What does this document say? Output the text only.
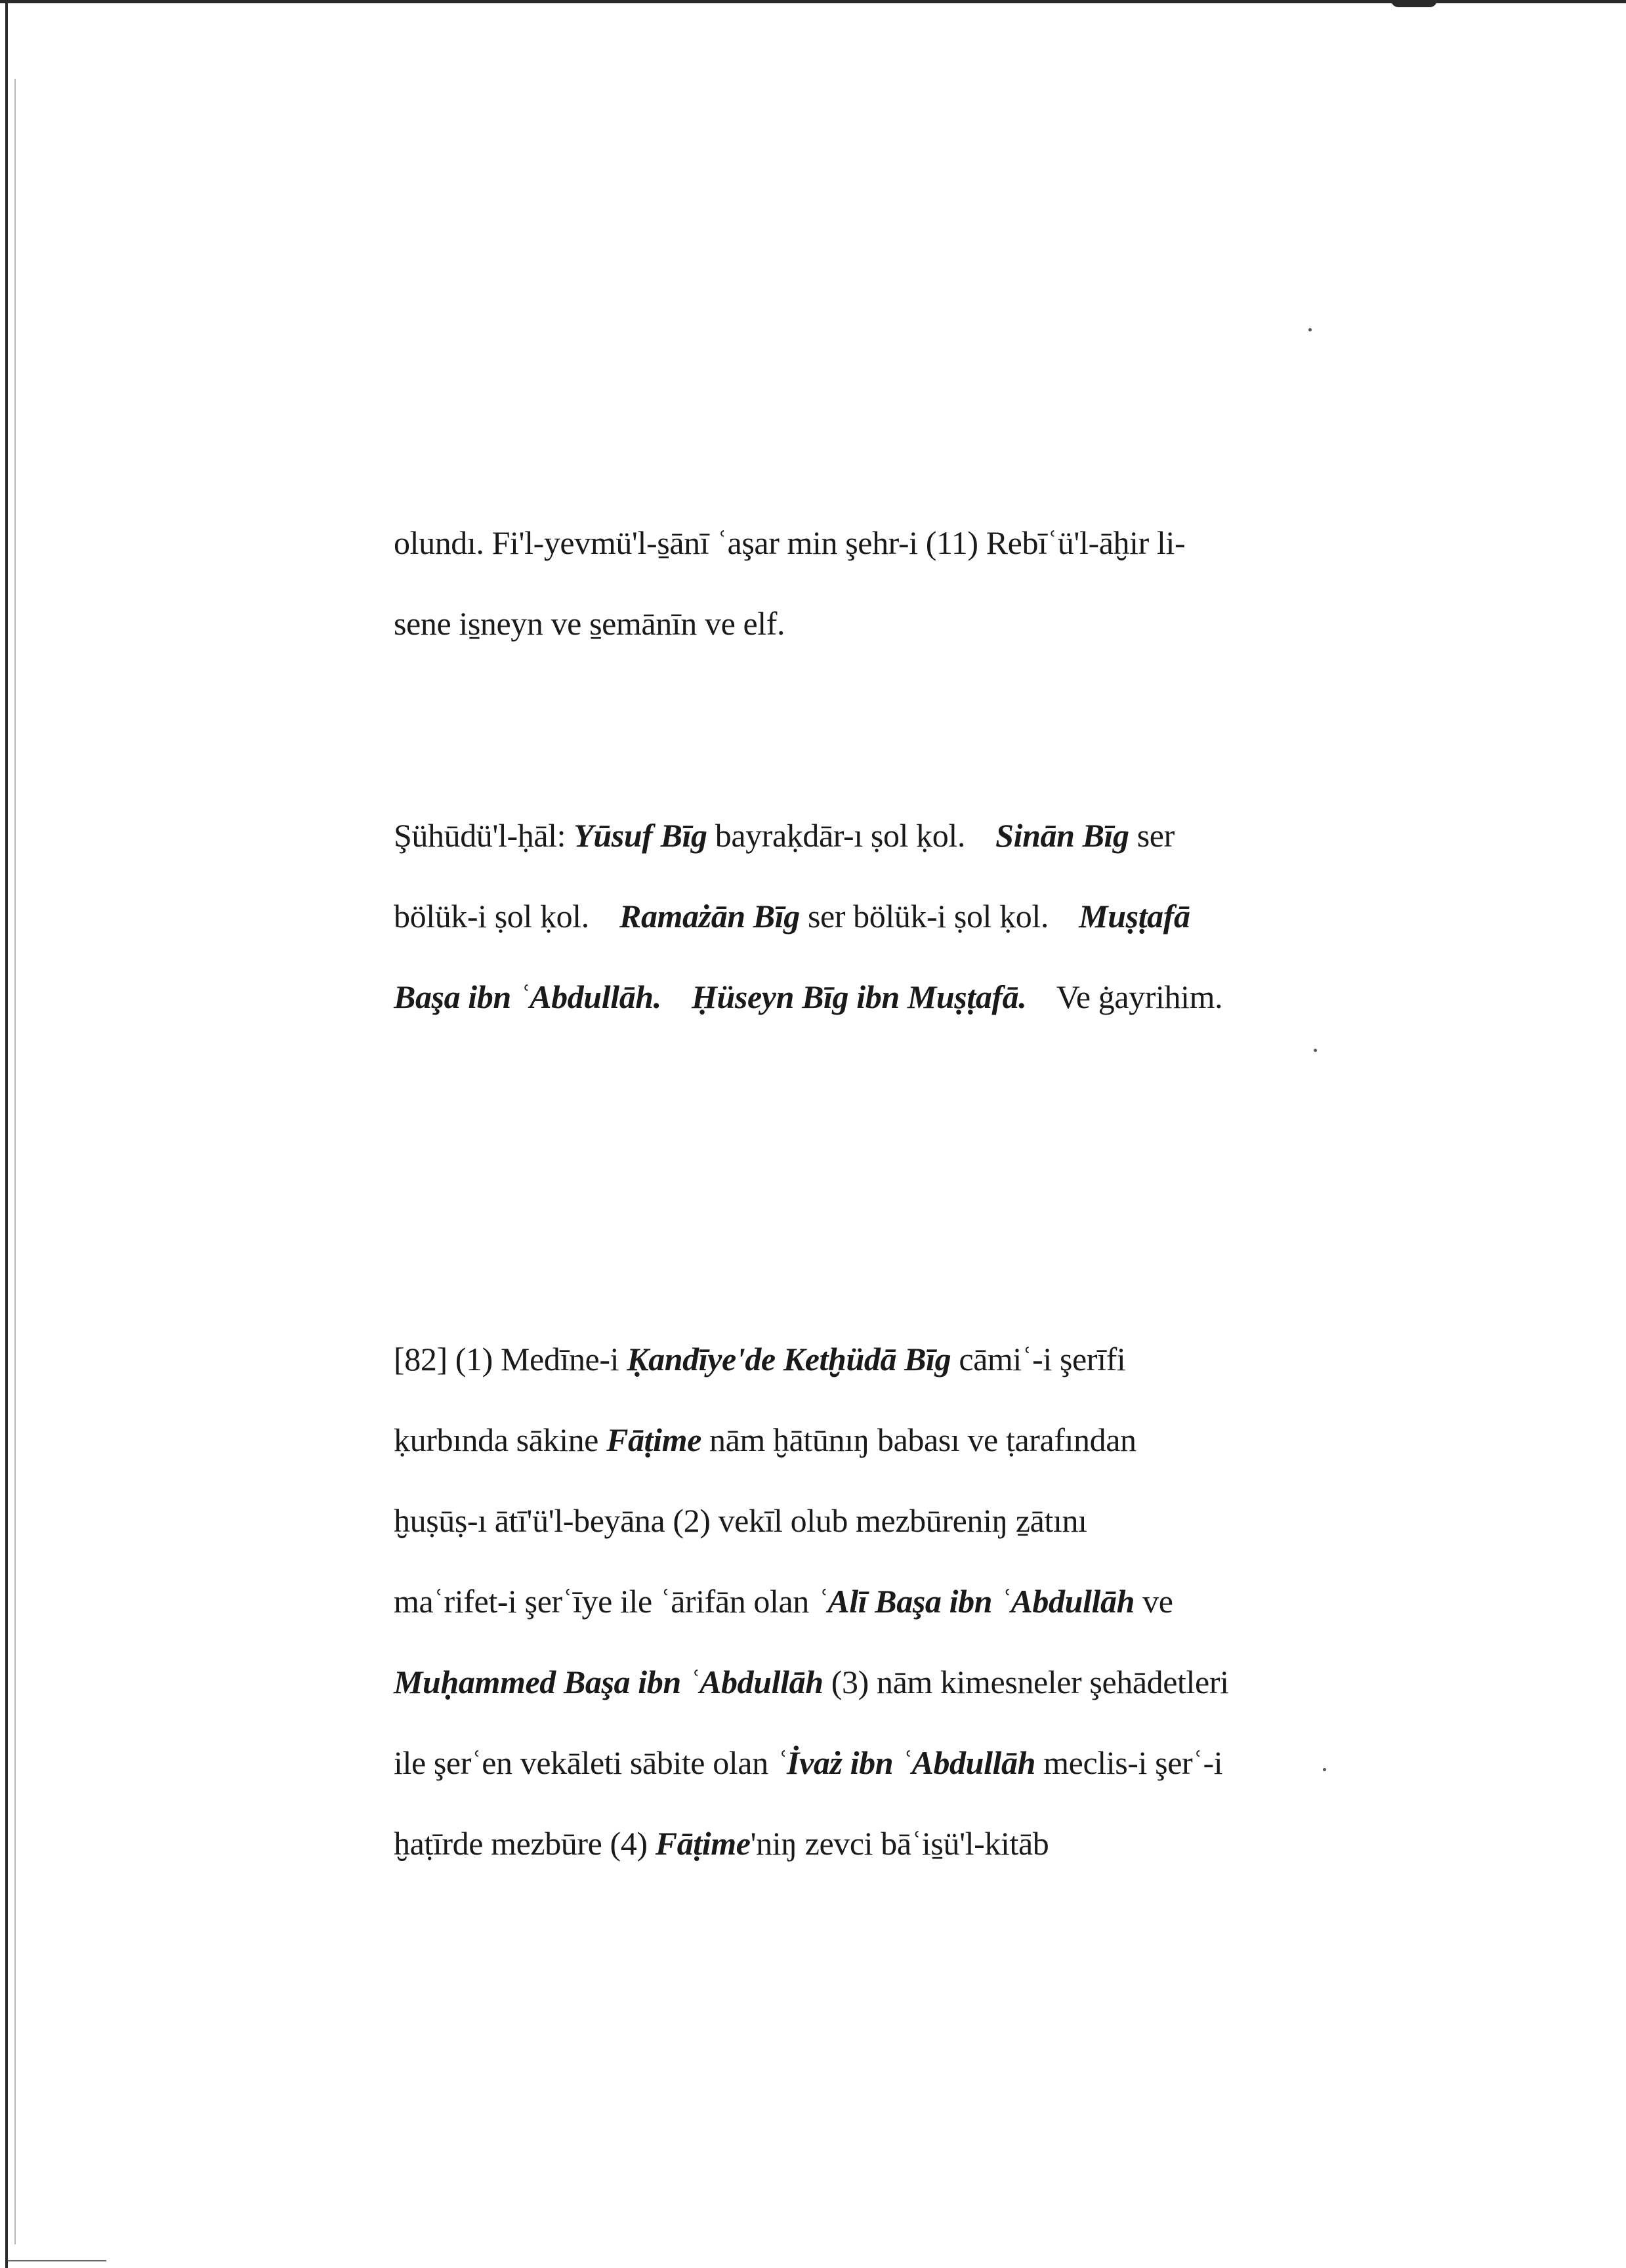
olundı. Fi'l-yevmü'l-s̱ānī ʿaşar min şehr-i (11) Rebīʿü'l-āḫir li-
sene is̱neyn ve s̱emānīn ve elf.
Şühūdü'l-ḥāl: Yūsuf Bīg bayraḳdār-ı ṣol ḳol. Sinān Bīg ser
bölük-i ṣol ḳol. Ramażān Bīg ser bölük-i ṣol ḳol. Muṣṭafā
Başa ibn ʿAbdullāh. Ḥüseyn Bīg ibn Muṣṭafā. Ve ġayrihim.
[82] (1) Medīne-i Ḳandīye'de Ketḫüdā Bīg cāmiʿ-i şerīfi
ḳurbında sākine Fāṭime nām ḫātūnıŋ babası ve ṭarafından
ḫuṣūṣ-ı ātī'ü'l-beyāna (2) vekīl olub mezbūreniŋ ẕātını
maʿrifet-i şerʿīye ile ʿārifān olan ʿAlī Başa ibn ʿAbdullāh ve
Muḥammed Başa ibn ʿAbdullāh (3) nām kimesneler şehādetleri
ile şerʿen vekāleti sābite olan ʿİvaż ibn ʿAbdullāh meclis-i şerʿ-i
ḫaṭīrde mezbūre (4) Fāṭime'niŋ zevci bāʿis̱ü'l-kitāb
